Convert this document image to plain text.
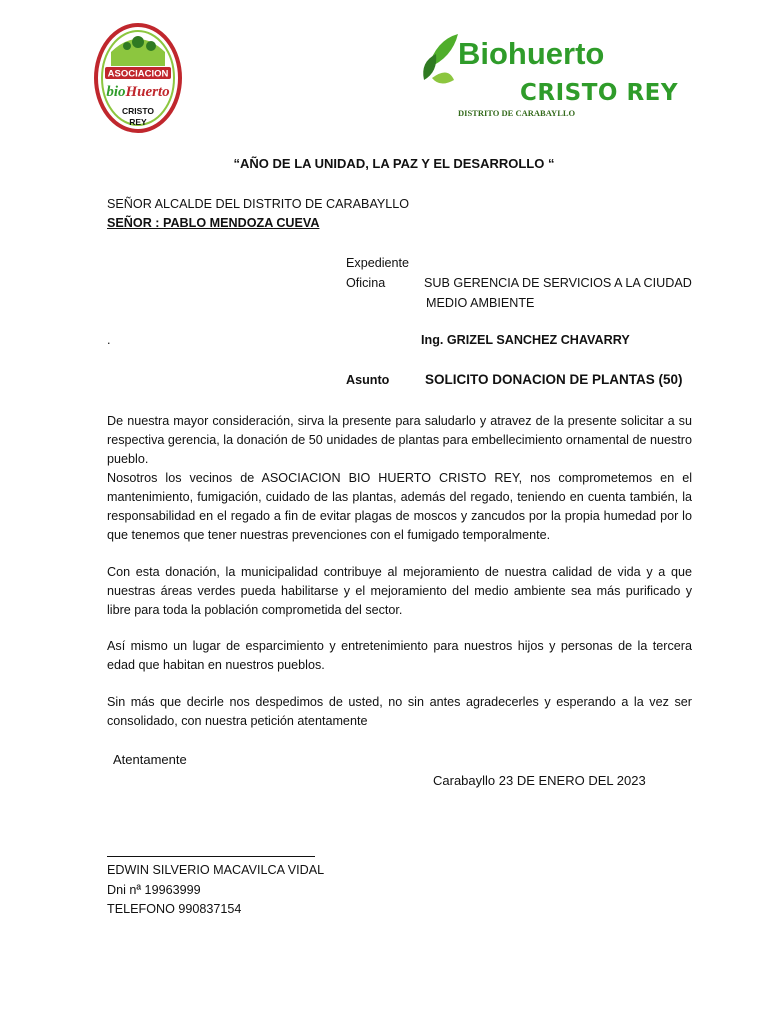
ASOCIACION
bioHuerto
CRISTO
REY
Biohuerto
CRISTO REY
DISTRITO DE CARABAYLLO
“AÑO DE LA UNIDAD, LA PAZ Y EL DESARROLLO “
SEÑOR ALCALDE DEL DISTRITO DE CARABAYLLO
SEÑOR : PABLO MENDOZA CUEVA
Expediente
Oficina	SUB GERENCIA DE SERVICIOS A LA CIUDAD
MEDIO AMBIENTE
.	Ing. GRIZEL SANCHEZ CHAVARRY
Asunto	SOLICITO DONACION DE PLANTAS (50)
De nuestra mayor consideración, sirva la presente para saludarlo y atravez de la presente solicitar a su respectiva gerencia, la donación de 50 unidades de plantas para embellecimiento ornamental de nuestro pueblo.
Nosotros los vecinos de ASOCIACION BIO HUERTO CRISTO REY, nos comprometemos en el mantenimiento, fumigación, cuidado de las plantas, además del regado, teniendo en cuenta también, la responsabilidad en el regado a fin de evitar plagas de moscos y zancudos por la propia humedad por lo que tenemos que tener nuestras prevenciones con el fumigado temporalmente.
Con esta donación, la municipalidad contribuye al mejoramiento de nuestra calidad de vida y a que nuestras áreas verdes pueda habilitarse y el mejoramiento del medio ambiente sea más purificado y libre para toda la población comprometida del sector.
Así mismo un lugar de esparcimiento y entretenimiento para nuestros hijos y personas de la tercera edad que habitan en nuestros pueblos.
Sin más que decirle nos despedimos de usted, no sin antes agradecerles y esperando a la vez ser consolidado, con nuestra petición atentamente
Atentamente
Carabayllo 23 DE ENERO DEL 2023
EDWIN SILVERIO MACAVILCA VIDAL
Dni nª 19963999
TELEFONO 990837154
